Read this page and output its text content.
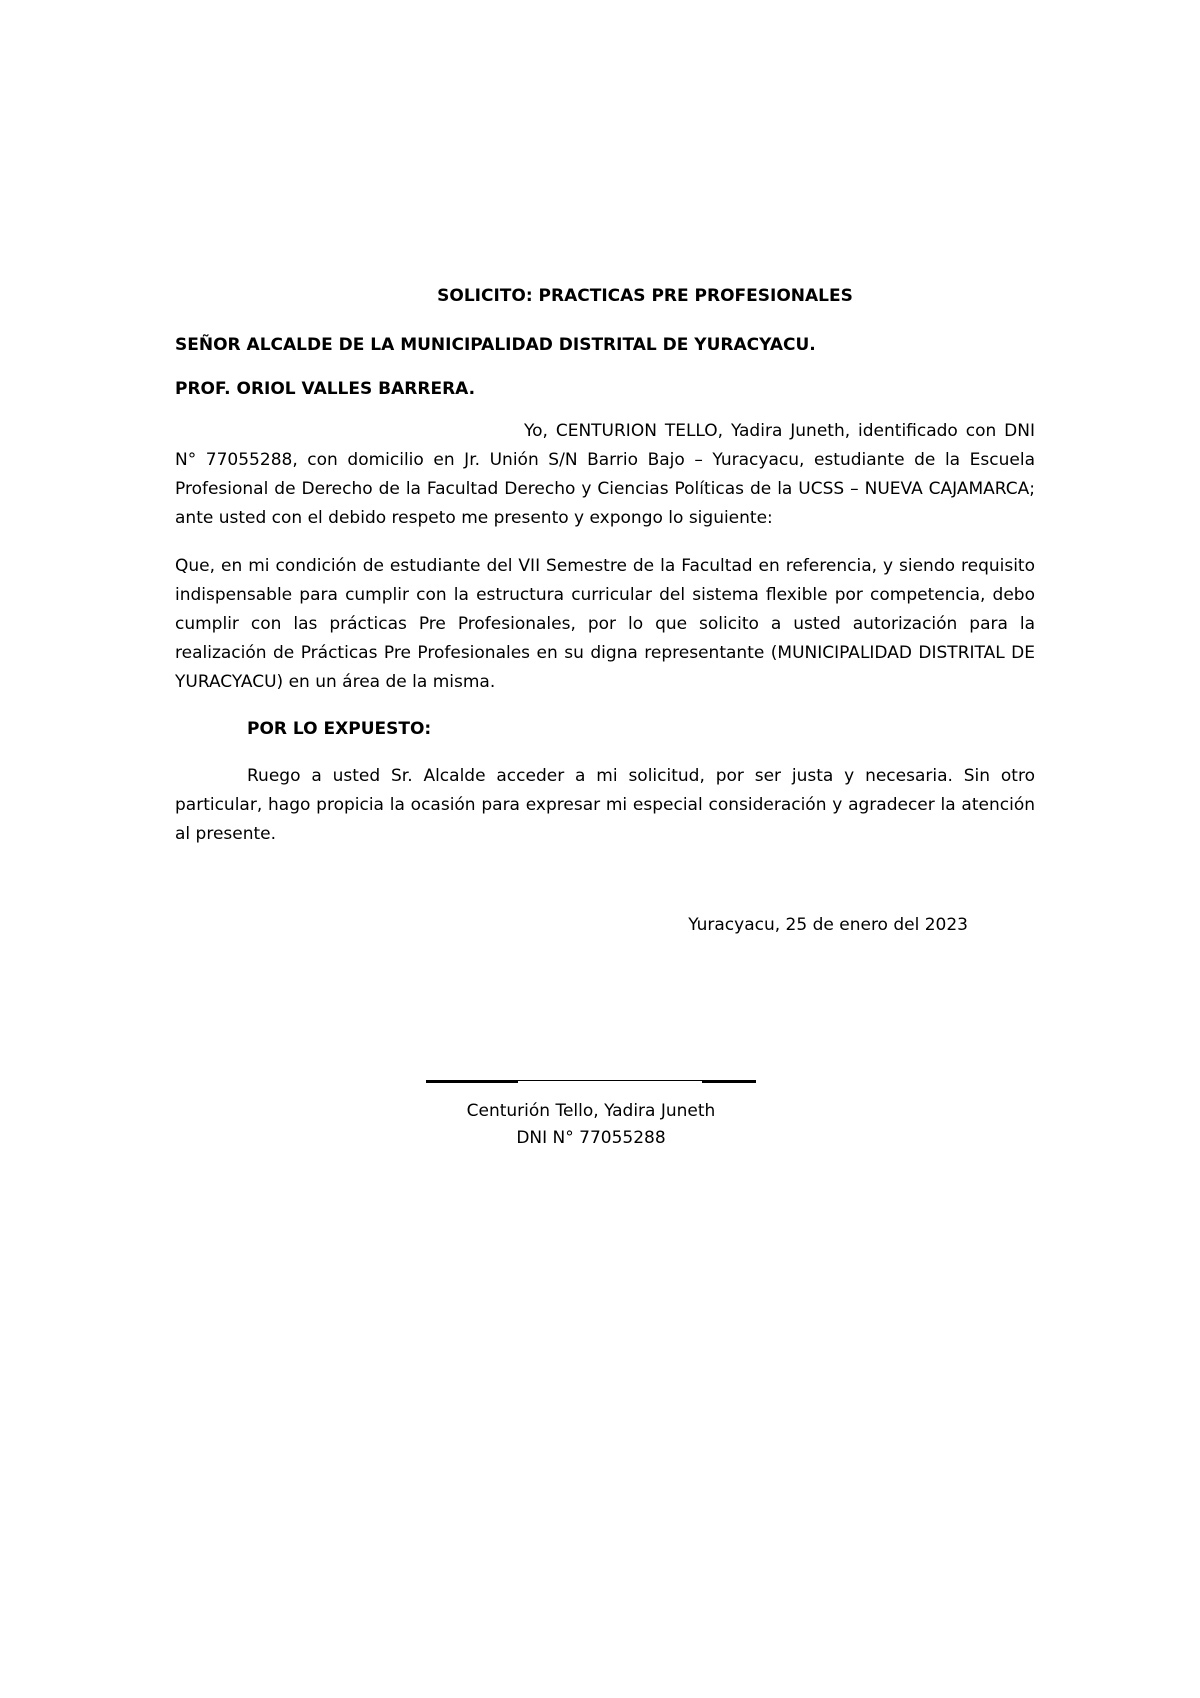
SOLICITO: PRACTICAS PRE PROFESIONALES
SEÑOR ALCALDE DE LA MUNICIPALIDAD DISTRITAL DE YURACYACU.
PROF. ORIOL VALLES BARRERA.

Yo, CENTURION TELLO, Yadira Juneth, identificado con DNI N° 77055288, con domicilio en Jr. Unión S/N Barrio Bajo – Yuracyacu, estudiante de la Escuela Profesional de Derecho de la Facultad Derecho y Ciencias Políticas de la UCSS – NUEVA CAJAMARCA; ante usted con el debido respeto me presento y expongo lo siguiente:

Que, en mi condición de estudiante del VII Semestre de la Facultad en referencia, y siendo requisito indispensable para cumplir con la estructura curricular del sistema flexible por competencia, debo cumplir con las prácticas Pre Profesionales, por lo que solicito a usted autorización para la realización de Prácticas Pre Profesionales en su digna representante (MUNICIPALIDAD DISTRITAL DE YURACYACU) en un área de la misma.

POR LO EXPUESTO:

Ruego a usted Sr. Alcalde acceder a mi solicitud, por ser justa y necesaria. Sin otro particular, hago propicia la ocasión para expresar mi especial consideración y agradecer la atención al presente.

Yuracyacu, 25 de enero del 2023
Centurión Tello, Yadira Juneth
DNI N° 77055288
